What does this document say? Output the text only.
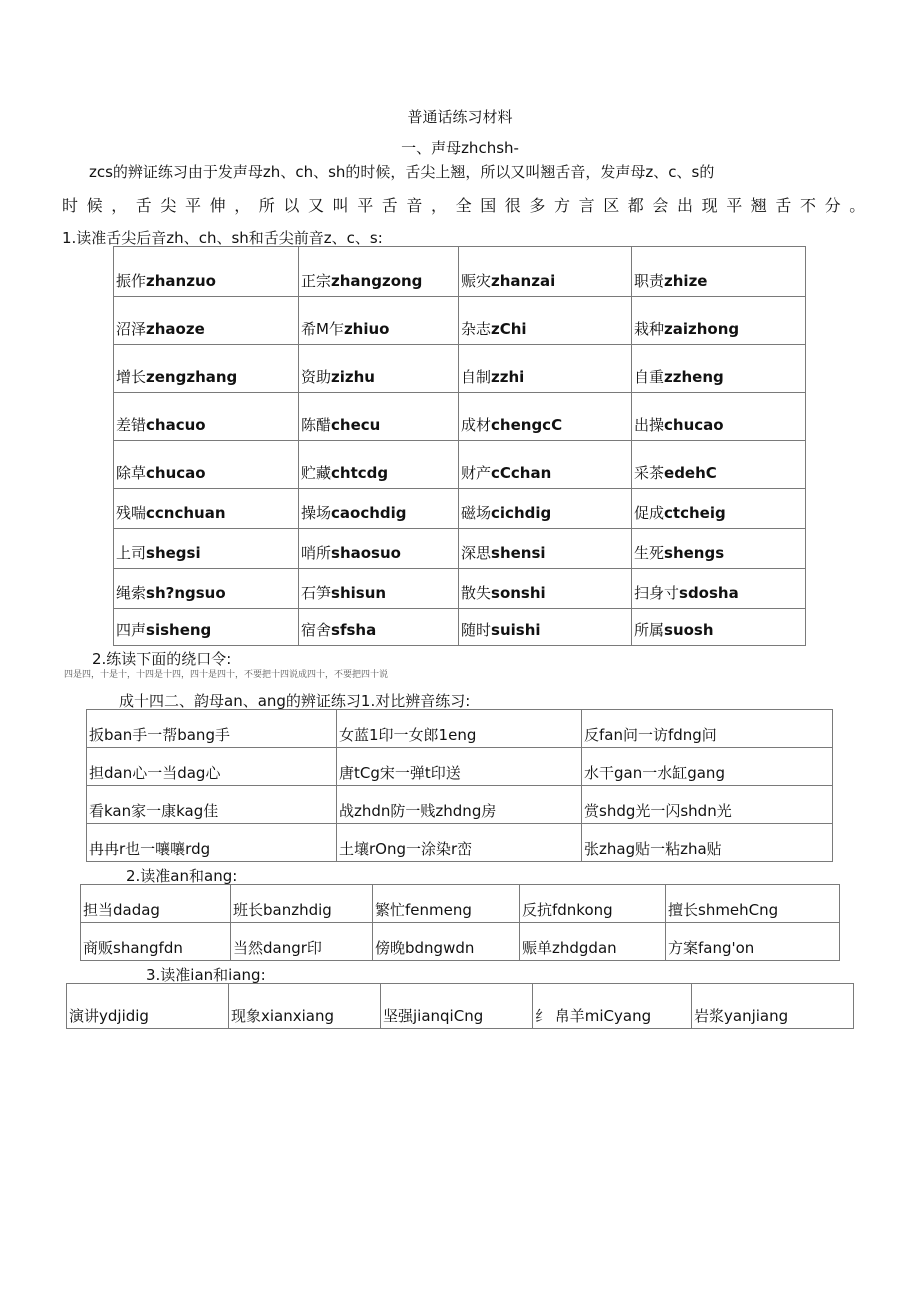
普通话练习材料
一、声母zhchsh-
zcs的辨证练习由于发声母zh、ch、sh的时候，舌尖上翘，所以又叫翘舌音，发声母z、c、s的
时候，舌尖平伸，所以又叫平舌音，全国很多方言区都会出现平翘舌不分。
1.读准舌尖后音zh、ch、sh和舌尖前音z、c、s:
振作zhanzuo	正宗zhangzong	赈灾zhanzai	职责zhize
沼泽zhaoze	希M乍zhiuo	杂志zChi	栽种zaizhong
增长zengzhang	资助zizhu	自制zzhi	自重zzheng
差错chacuo	陈醋checu	成材chengcC	出操chucao
除草chucao	贮藏chtcdg	财产cCchan	采茶edehC
残喘ccnchuan	操场caochdig	磁场cichdig	促成ctcheig
上司shegsi	哨所shaosuo	深思shensi	生死shengs
绳索sh?ngsuo	石笋shisun	散失sonshi	扫身寸sdosha
四声sisheng	宿舍sfsha	随时suishi	所属suosh
2.练读下面的绕口令:
四是四，十是十，十四是十四，四十是四十，不要把十四说成四十，不要把四十说
成十四二、韵母an、ang的辨证练习1.对比辨音练习:
扳ban手一帮bang手	女蓝1印一女郎1eng	反fan问一访fdng问
担dan心一当dag心	唐tCg宋一弹t印送	水干gan一水缸gang
看kan家一康kag佳	战zhdn防一贱zhdng房	赏shdg光一闪shdn光
冉冉r也一嚷嚷rdg	土壤rOng一涂染r峦	张zhag贴一粘zha贴
2.读准an和ang:
担当dadag	班长banzhdig	繁忙fenmeng	反抗fdnkong	擅长shmehCng
商贩shangfdn	当然dangr印	傍晚bdngwdn	赈单zhdgdan	方案fang'on
3.读准ian和iang:
演讲ydjidig	现象xianxiang	坚强jianqiCng	纟 帛羊miCyang	岩浆yanjiang
